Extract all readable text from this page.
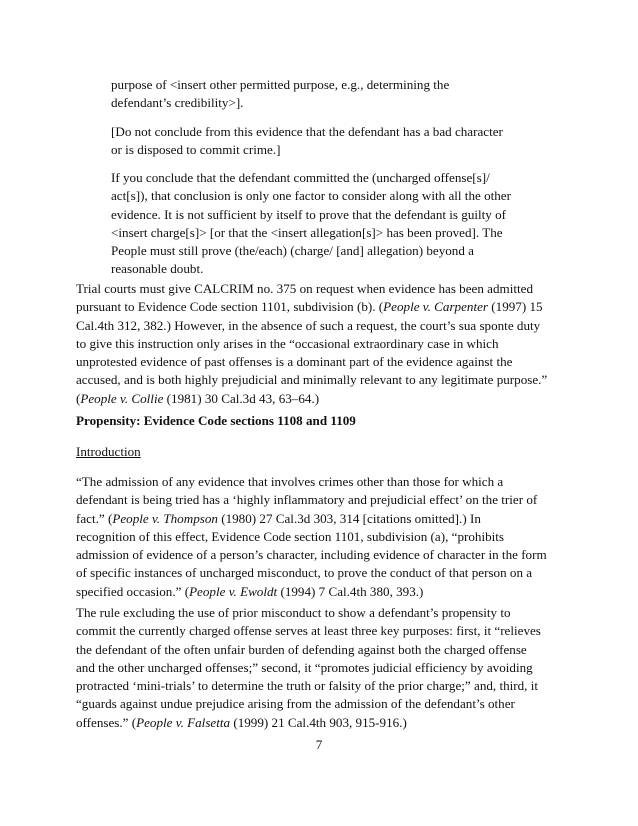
purpose of <insert other permitted purpose, e.g., determining the
defendant’s credibility>].
[Do not conclude from this evidence that the defendant has a bad character
or is disposed to commit crime.]
If you conclude that the defendant committed the (uncharged offense[s]/
act[s]), that conclusion is only one factor to consider along with all the other
evidence. It is not sufficient by itself to prove that the defendant is guilty of
<insert charge[s]> [or that the <insert allegation[s]> has been proved]. The
People must still prove (the/each) (charge/ [and] allegation) beyond a
reasonable doubt.
Trial courts must give CALCRIM no. 375 on request when evidence has been admitted
pursuant to Evidence Code section 1101, subdivision (b). (People v. Carpenter (1997) 15
Cal.4th 312, 382.) However, in the absence of such a request, the court’s sua sponte duty
to give this instruction only arises in the “occasional extraordinary case in which
unprotested evidence of past offenses is a dominant part of the evidence against the
accused, and is both highly prejudicial and minimally relevant to any legitimate purpose.”
(People v. Collie (1981) 30 Cal.3d 43, 63–64.)
Propensity: Evidence Code sections 1108 and 1109
Introduction
“The admission of any evidence that involves crimes other than those for which a
defendant is being tried has a ‘highly inflammatory and prejudicial effect’ on the trier of
fact.” (People v. Thompson (1980) 27 Cal.3d 303, 314 [citations omitted].) In
recognition of this effect, Evidence Code section 1101, subdivision (a), “prohibits
admission of evidence of a person’s character, including evidence of character in the form
of specific instances of uncharged misconduct, to prove the conduct of that person on a
specified occasion.” (People v. Ewoldt (1994) 7 Cal.4th 380, 393.)
The rule excluding the use of prior misconduct to show a defendant’s propensity to
commit the currently charged offense serves at least three key purposes: first, it “relieves
the defendant of the often unfair burden of defending against both the charged offense
and the other uncharged offenses;” second, it “promotes judicial efficiency by avoiding
protracted ‘mini-trials’ to determine the truth or falsity of the prior charge;” and, third, it
“guards against undue prejudice arising from the admission of the defendant’s other
offenses.” (People v. Falsetta (1999) 21 Cal.4th 903, 915-916.)
7
